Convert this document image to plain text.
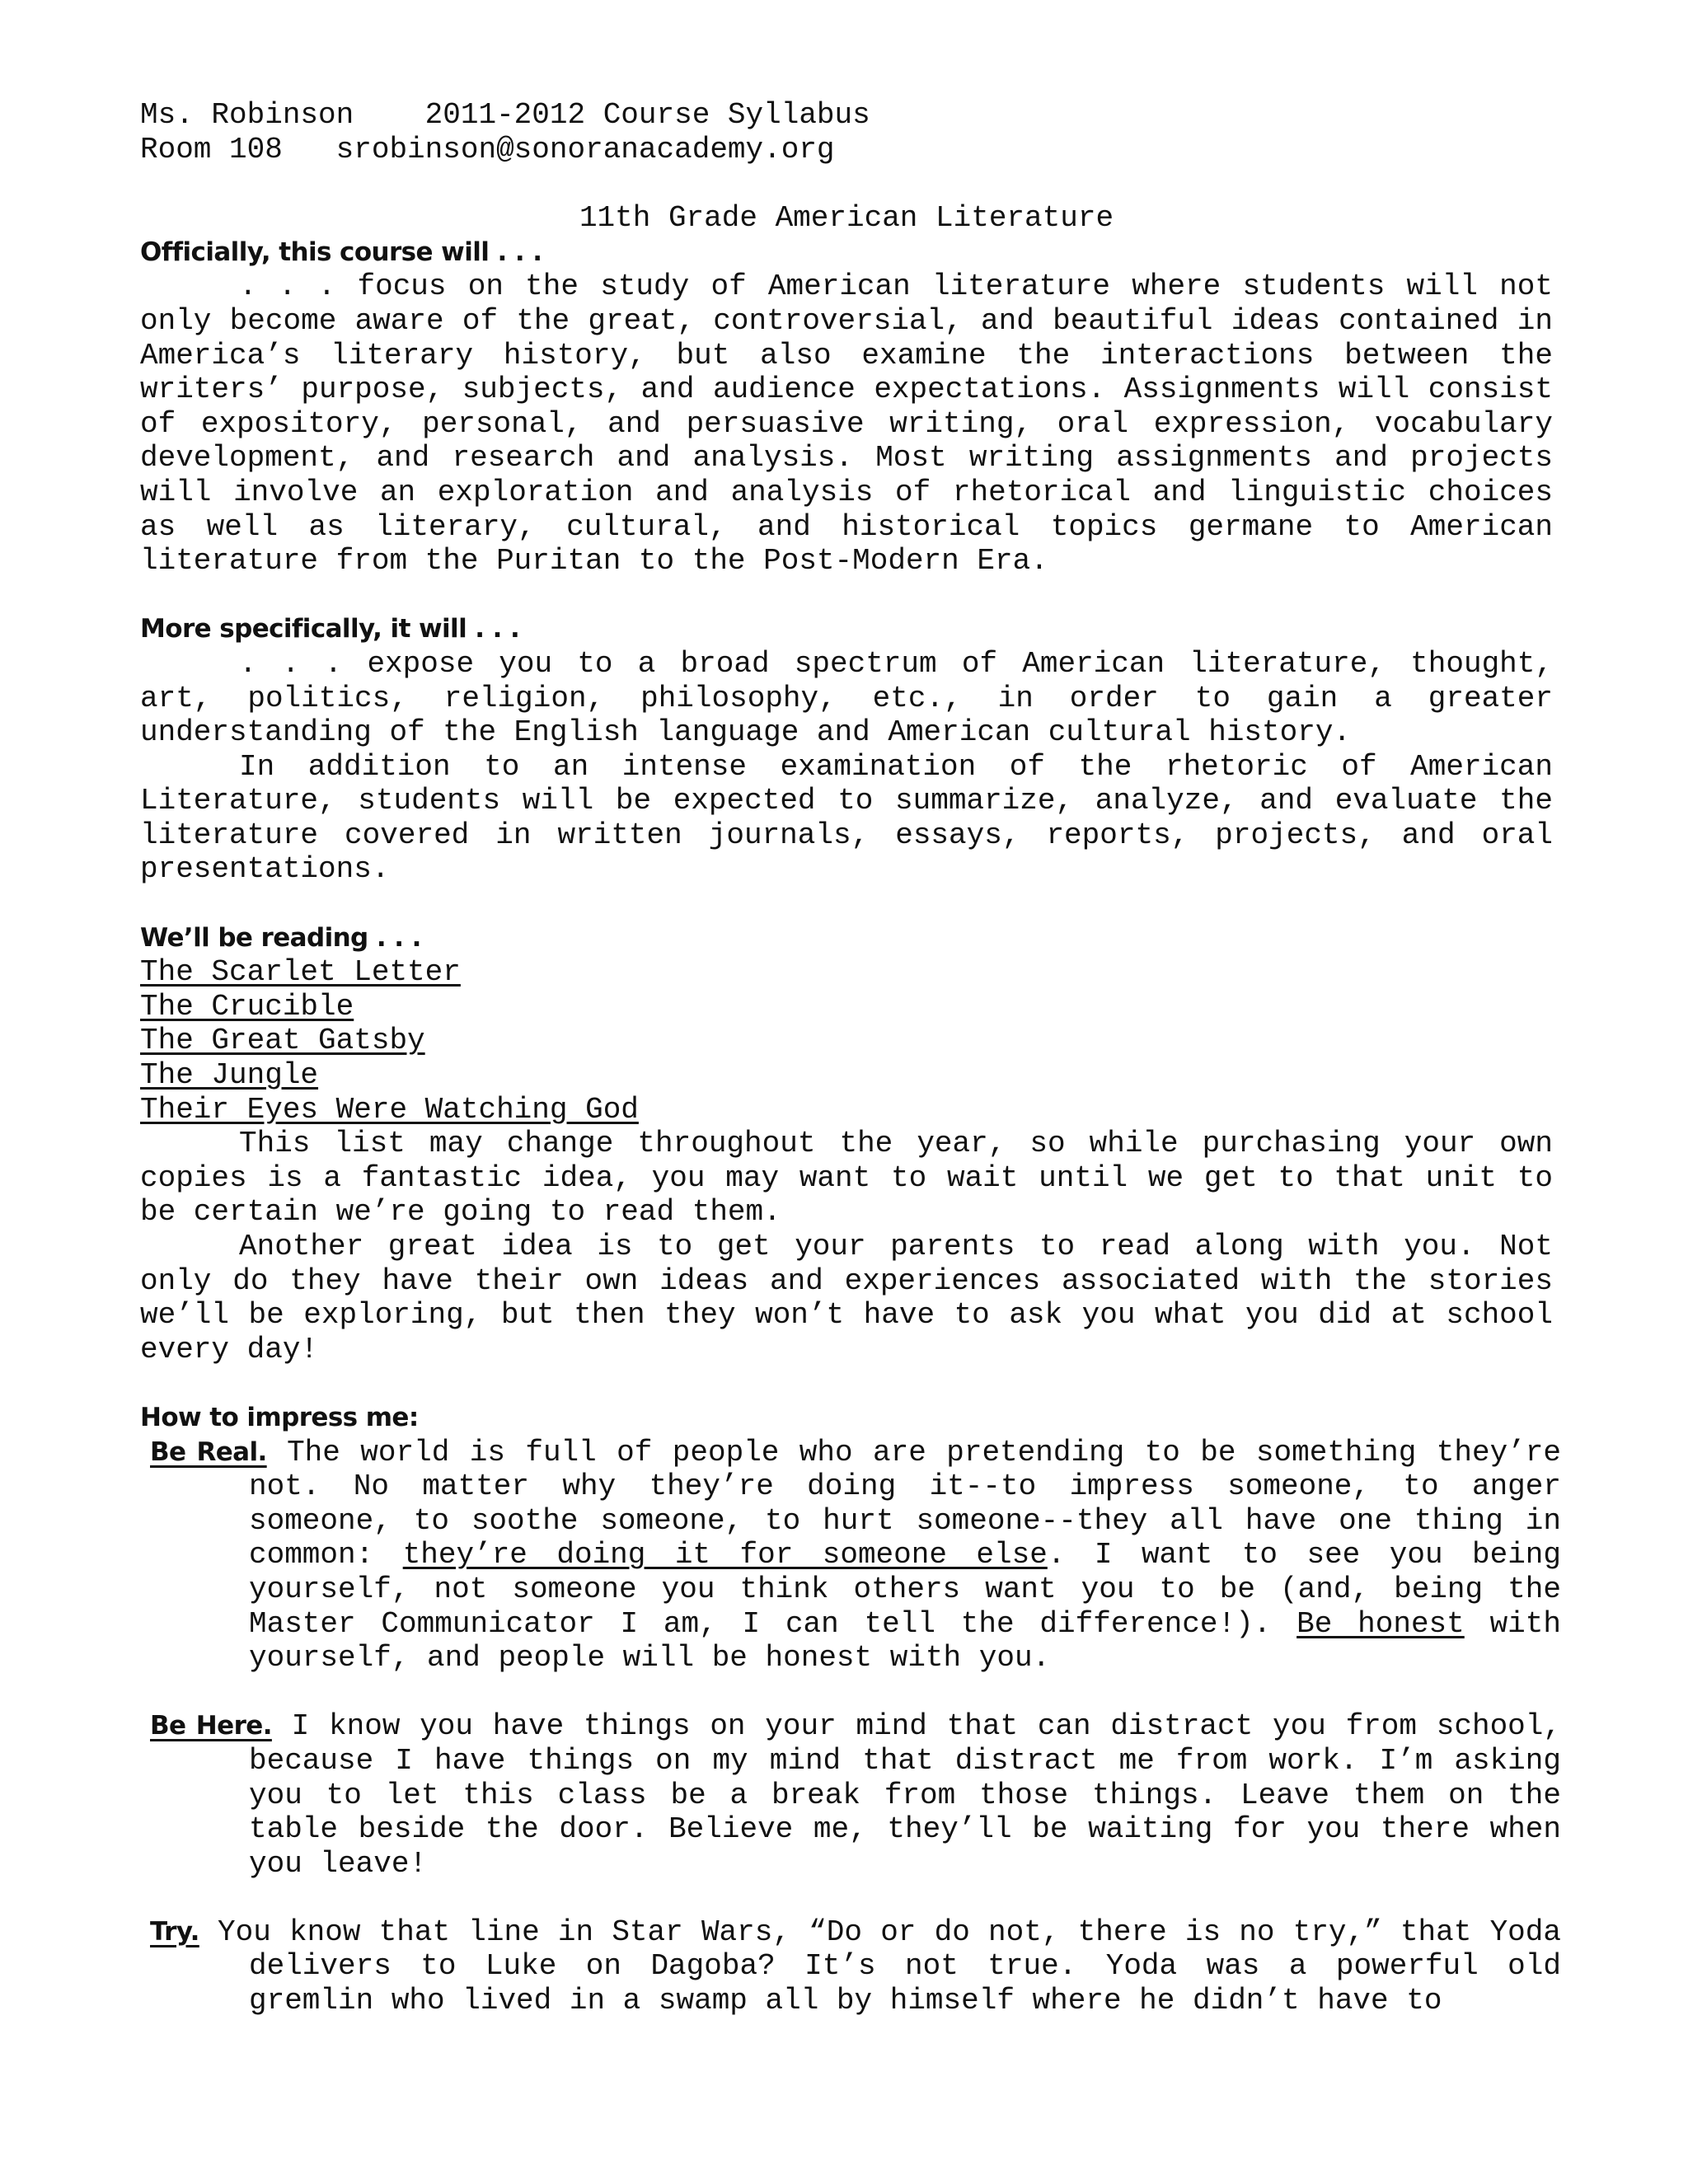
Ms. Robinson    2011-2012 Course Syllabus
Room 108   srobinson@sonoranacademy.org
11th Grade American Literature
Officially, this course will . . .
. . . focus on the study of American literature where students will not only become aware of the great, controversial, and beautiful ideas contained in America’s literary history, but also examine the interactions between the writers’ purpose, subjects, and audience expectations. Assignments will consist of expository, personal, and persuasive writing, oral expression, vocabulary development, and research and analysis. Most writing assignments and projects will involve an exploration and analysis of rhetorical and linguistic choices as well as literary, cultural, and historical topics germane to American literature from the Puritan to the Post-Modern Era.
More specifically, it will . . .
. . . expose you to a broad spectrum of American literature, thought, art, politics, religion, philosophy, etc., in order to gain a greater understanding of the English language and American cultural history.
In addition to an intense examination of the rhetoric of American Literature, students will be expected to summarize, analyze, and evaluate the literature covered in written journals, essays, reports, projects, and oral presentations.
We’ll be reading . . .
The Scarlet Letter
The Crucible
The Great Gatsby
The Jungle
Their Eyes Were Watching God
This list may change throughout the year, so while purchasing your own copies is a fantastic idea, you may want to wait until we get to that unit to be certain we’re going to read them.
Another great idea is to get your parents to read along with you. Not only do they have their own ideas and experiences associated with the stories we’ll be exploring, but then they won’t have to ask you what you did at school every day!
How to impress me:
Be Real. The world is full of people who are pretending to be something they’re not. No matter why they’re doing it--to impress someone, to anger someone, to soothe someone, to hurt someone--they all have one thing in common: they’re doing it for someone else. I want to see you being yourself, not someone you think others want you to be (and, being the Master Communicator I am, I can tell the difference!). Be honest with yourself, and people will be honest with you.
Be Here. I know you have things on your mind that can distract you from school, because I have things on my mind that distract me from work. I’m asking you to let this class be a break from those things. Leave them on the table beside the door. Believe me, they’ll be waiting for you there when you leave!
Try. You know that line in Star Wars, “Do or do not, there is no try,” that Yoda delivers to Luke on Dagoba? It’s not true. Yoda was a powerful old gremlin who lived in a swamp all by himself where he didn’t have to
